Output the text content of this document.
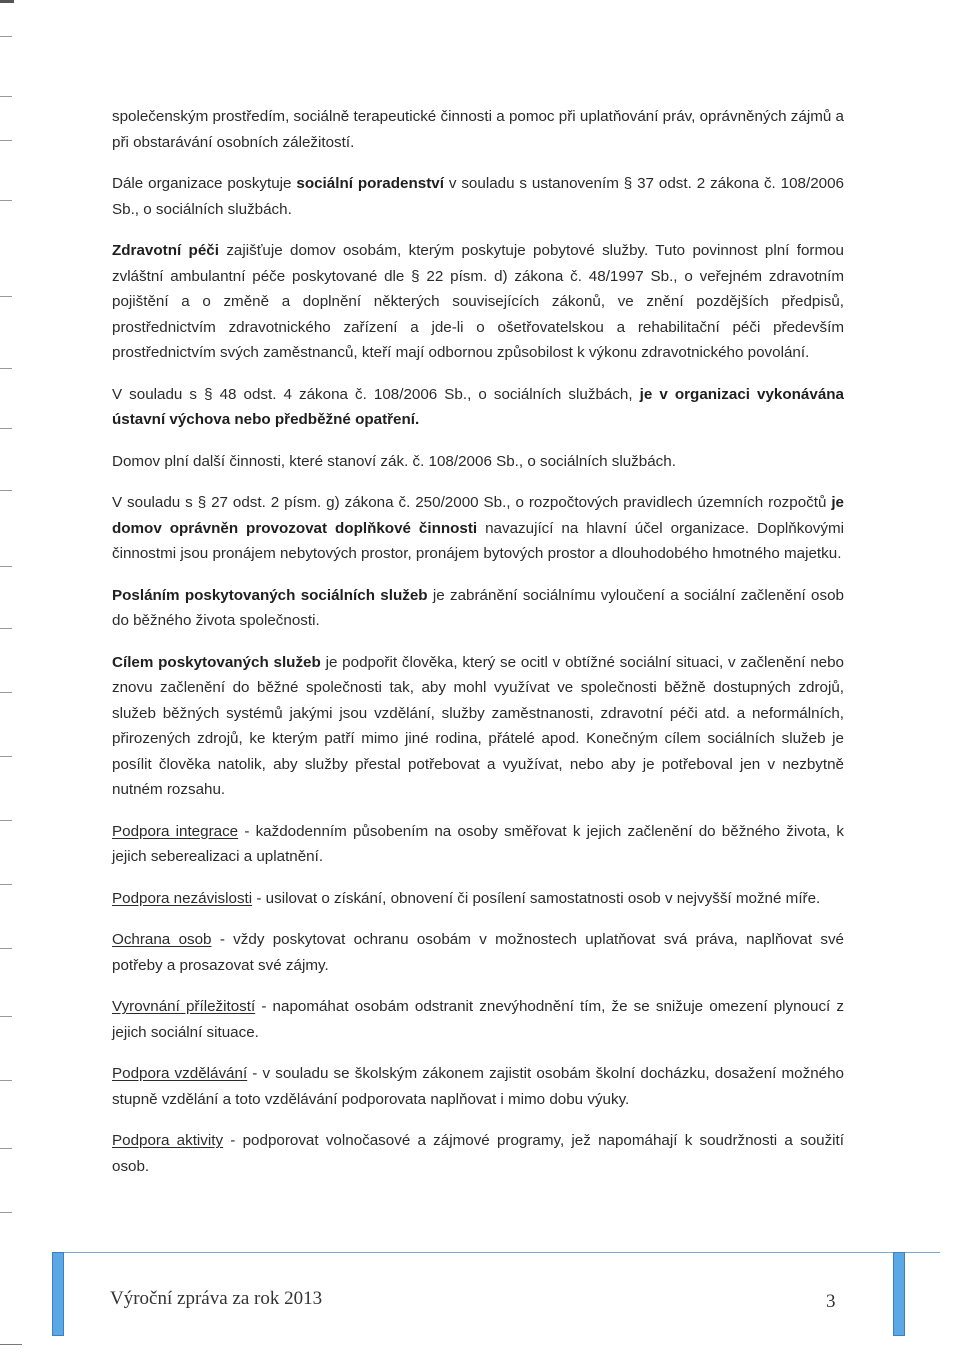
společenským prostředím, sociálně terapeutické činnosti a pomoc při uplatňování práv, oprávněných zájmů a při obstarávání osobních záležitostí.

Dále organizace poskytuje sociální poradenství v souladu s ustanovením § 37 odst. 2 zákona č. 108/2006 Sb., o sociálních službách.

Zdravotní péči zajišťuje domov osobám, kterým poskytuje pobytové služby. Tuto povinnost plní formou zvláštní ambulantní péče poskytované dle § 22 písm. d) zákona č. 48/1997 Sb., o veřejném zdravotním pojištění a o změně a doplnění některých souvisejících zákonů, ve znění pozdějších předpisů, prostřednictvím zdravotnického zařízení a jde-li o ošetřovatelskou a rehabilitační péči především prostřednictvím svých zaměstnanců, kteří mají odbornou způsobilost k výkonu zdravotnického povolání.

V souladu s § 48 odst. 4 zákona č. 108/2006 Sb., o sociálních službách, je v organizaci vykonávána ústavní výchova nebo předběžné opatření.

Domov plní další činnosti, které stanoví zák. č. 108/2006 Sb., o sociálních službách.

V souladu s § 27 odst. 2 písm. g) zákona č. 250/2000 Sb., o rozpočtových pravidlech územních rozpočtů je domov oprávněn provozovat doplňkové činnosti navazující na hlavní účel organizace. Doplňkovými činnostmi jsou pronájem nebytových prostor, pronájem bytových prostor a dlouhodobého hmotného majetku.

Posláním poskytovaných sociálních služeb je zabránění sociálnímu vyloučení a sociální začlenění osob do běžného života společnosti.

Cílem poskytovaných služeb je podpořit člověka, který se ocitl v obtížné sociální situaci, v začlenění nebo znovu začlenění do běžné společnosti tak, aby mohl využívat ve společnosti běžně dostupných zdrojů, služeb běžných systémů jakými jsou vzdělání, služby zaměstnanosti, zdravotní péči atd. a neformálních, přirozených zdrojů, ke kterým patří mimo jiné rodina, přátelé apod. Konečným cílem sociálních služeb je posílit člověka natolik, aby služby přestal potřebovat a využívat, nebo aby je potřeboval jen v nezbytně nutném rozsahu.

Podpora integrace - každodenním působením na osoby směřovat k jejich začlenění do běžného života, k jejich seberealizaci a uplatnění.

Podpora nezávislosti - usilovat o získání, obnovení či posílení samostatnosti osob v nejvyšší možné míře.

Ochrana osob - vždy poskytovat ochranu osobám v možnostech uplatňovat svá práva, naplňovat své potřeby a prosazovat své zájmy.

Vyrovnání příležitostí - napomáhat osobám odstranit znevýhodnění tím, že se snižuje omezení plynoucí z jejich sociální situace.

Podpora vzdělávání - v souladu se školským zákonem zajistit osobám školní docházku, dosažení možného stupně vzdělání a toto vzdělávání podporovata naplňovat i mimo dobu výuky.

Podpora aktivity - podporovat volnočasové a zájmové programy, jež napomáhají k soudržnosti a soužití osob.

Výroční zpráva za rok 2013	3
